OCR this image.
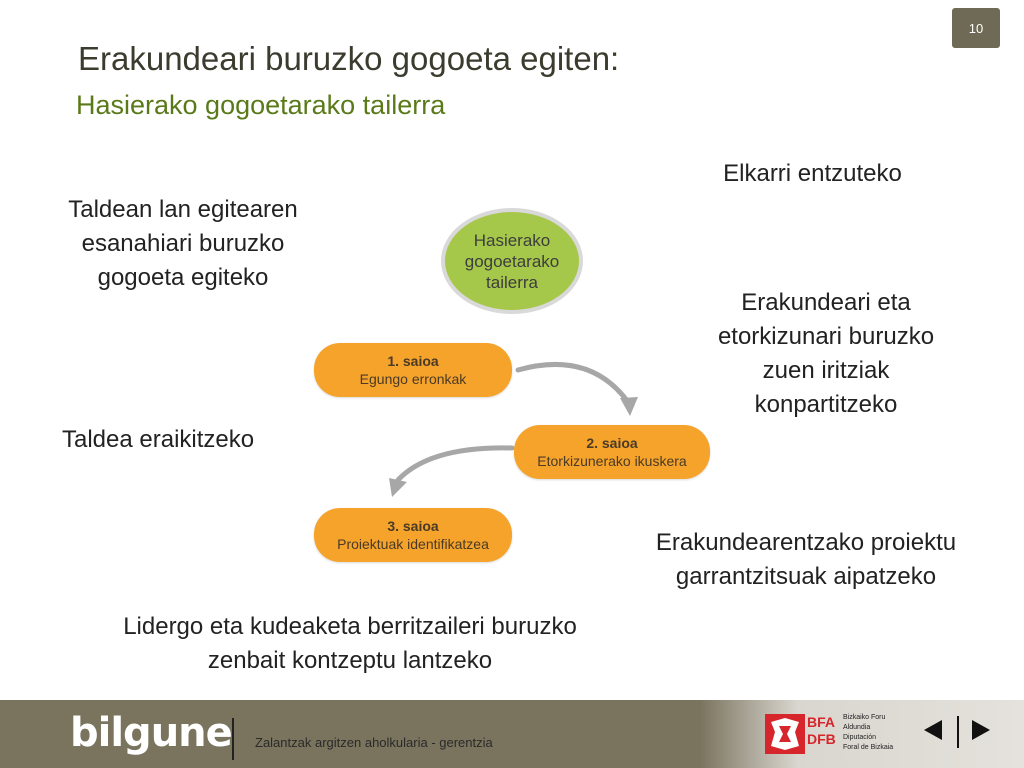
10
Erakundeari buruzko gogoeta egiten:
Hasierako gogoetarako tailerra
Taldean lan egitearen
esanahiari buruzko
gogoeta egiteko
Taldea eraikitzeko
Lidergo eta kudeaketa berritzaileri buruzko
zenbait kontzeptu lantzeko
Elkarri entzuteko
Erakundeari eta
etorkizunari buruzko
zuen iritziak
konpartitzeko
Erakundearentzako proiektu
garrantzitsuak aipatzeko
Hasierako
gogoetarako
tailerra
1. saioa
Egungo erronkak
2. saioa
Etorkizunerako ikuskera
3. saioa
Proiektuak identifikatzea
bilgune Zalantzak argitzen aholkularia - gerentzia
BFA
DFB
Bizkaiko Foru
Aldundia
Diputación
Foral de Bizkaia
